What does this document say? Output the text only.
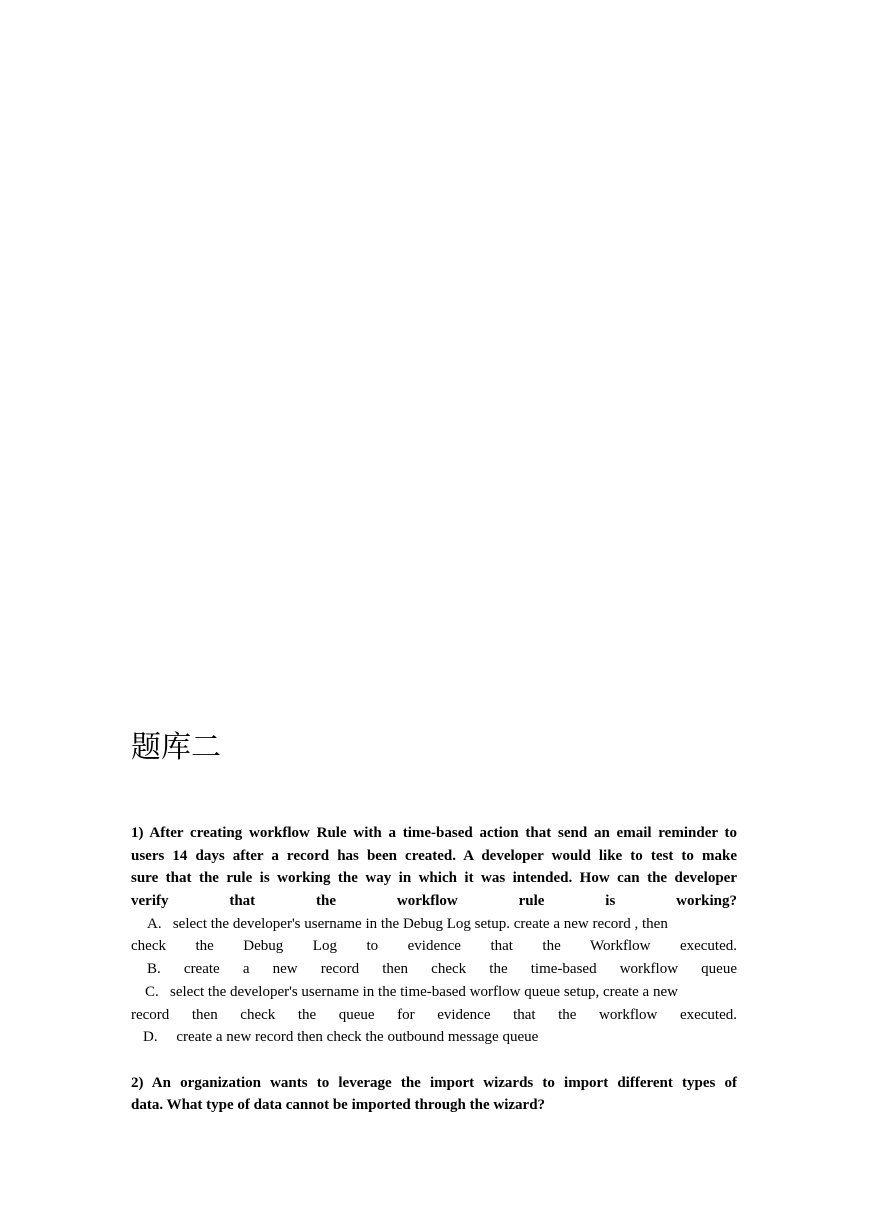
题库二
1) After creating workflow Rule with a time-based action that send an email reminder to
users 14 days after a record has been created. A developer would like to test to make
sure that the rule is working the way in which it was intended. How can the developer
verify that the workflow rule is working?
A. select the developer's username in the Debug Log setup. create a new record , then
check the Debug Log to evidence that the Workflow executed.
B. create a new record then check the time-based workflow queue
C. select the developer's username in the time-based worflow queue setup, create a new
record then check the queue for evidence that the workflow executed.
D. create a new record then check the outbound message queue
2) An organization wants to leverage the import wizards to import different types of
data. What type of data cannot be imported through the wizard?
